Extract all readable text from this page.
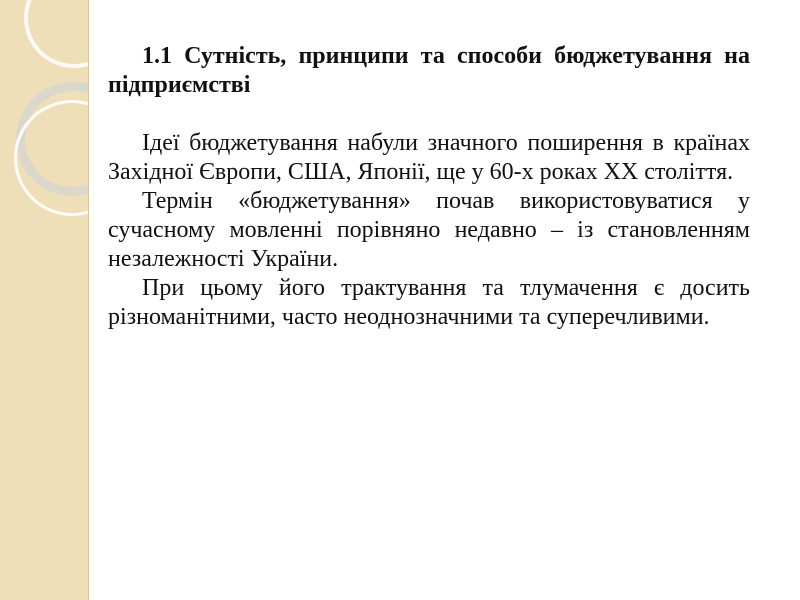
1.1 Сутність, принципи та способи бюджетування на підприємстві

Ідеї бюджетування набули значного поширення в країнах Західної Європи, США, Японії, ще у 60-х роках XX століття.

Термін «бюджетування» почав використовуватися у сучасному мовленні порівняно недавно – із становленням незалежності України.

При цьому його трактування та тлумачення є досить різноманітними, часто неоднозначними та суперечливими.
